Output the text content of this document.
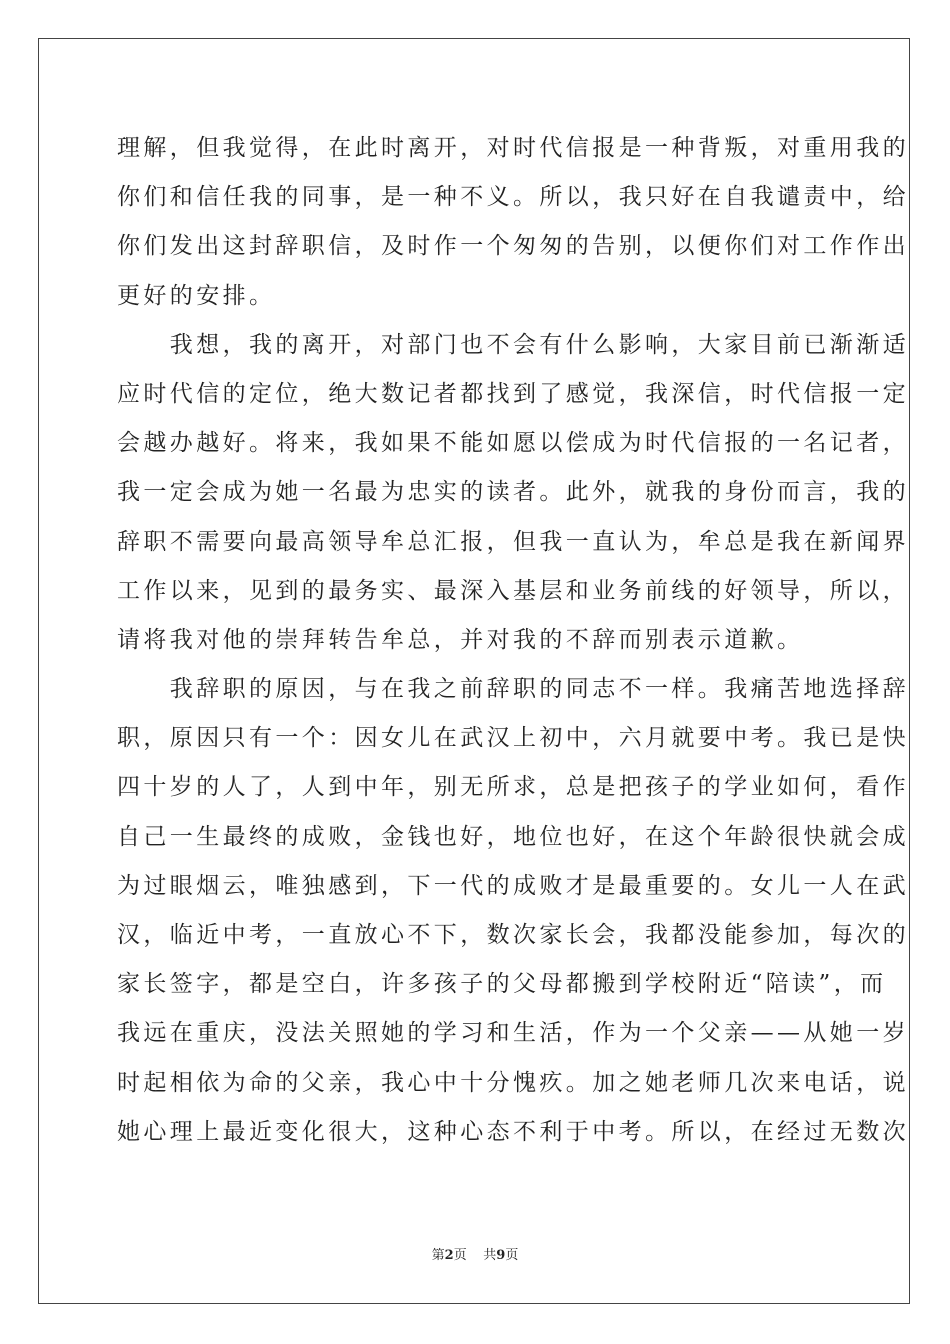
理解，但我觉得，在此时离开，对时代信报是一种背叛，对重用我的
你们和信任我的同事，是一种不义。所以，我只好在自我谴责中，给
你们发出这封辞职信，及时作一个匆匆的告别，以便你们对工作作出
更好的安排。
　　我想，我的离开，对部门也不会有什么影响，大家目前已渐渐适
应时代信的定位，绝大数记者都找到了感觉，我深信，时代信报一定
会越办越好。将来，我如果不能如愿以偿成为时代信报的一名记者，
我一定会成为她一名最为忠实的读者。此外，就我的身份而言，我的
辞职不需要向最高领导牟总汇报，但我一直认为，牟总是我在新闻界
工作以来，见到的最务实、最深入基层和业务前线的好领导，所以，
请将我对他的崇拜转告牟总，并对我的不辞而别表示道歉。
　　我辞职的原因，与在我之前辞职的同志不一样。我痛苦地选择辞
职，原因只有一个：因女儿在武汉上初中，六月就要中考。我已是快
四十岁的人了，人到中年，别无所求，总是把孩子的学业如何，看作
自己一生最终的成败，金钱也好，地位也好，在这个年龄很快就会成
为过眼烟云，唯独感到，下一代的成败才是最重要的。女儿一人在武
汉，临近中考，一直放心不下，数次家长会，我都没能参加，每次的
家长签字，都是空白，许多孩子的父母都搬到学校附近“陪读”，而
我远在重庆，没法关照她的学习和生活，作为一个父亲——从她一岁
时起相依为命的父亲，我心中十分愧疚。加之她老师几次来电话，说
她心理上最近变化很大，这种心态不利于中考。所以，在经过无数次
第2页 共9页
